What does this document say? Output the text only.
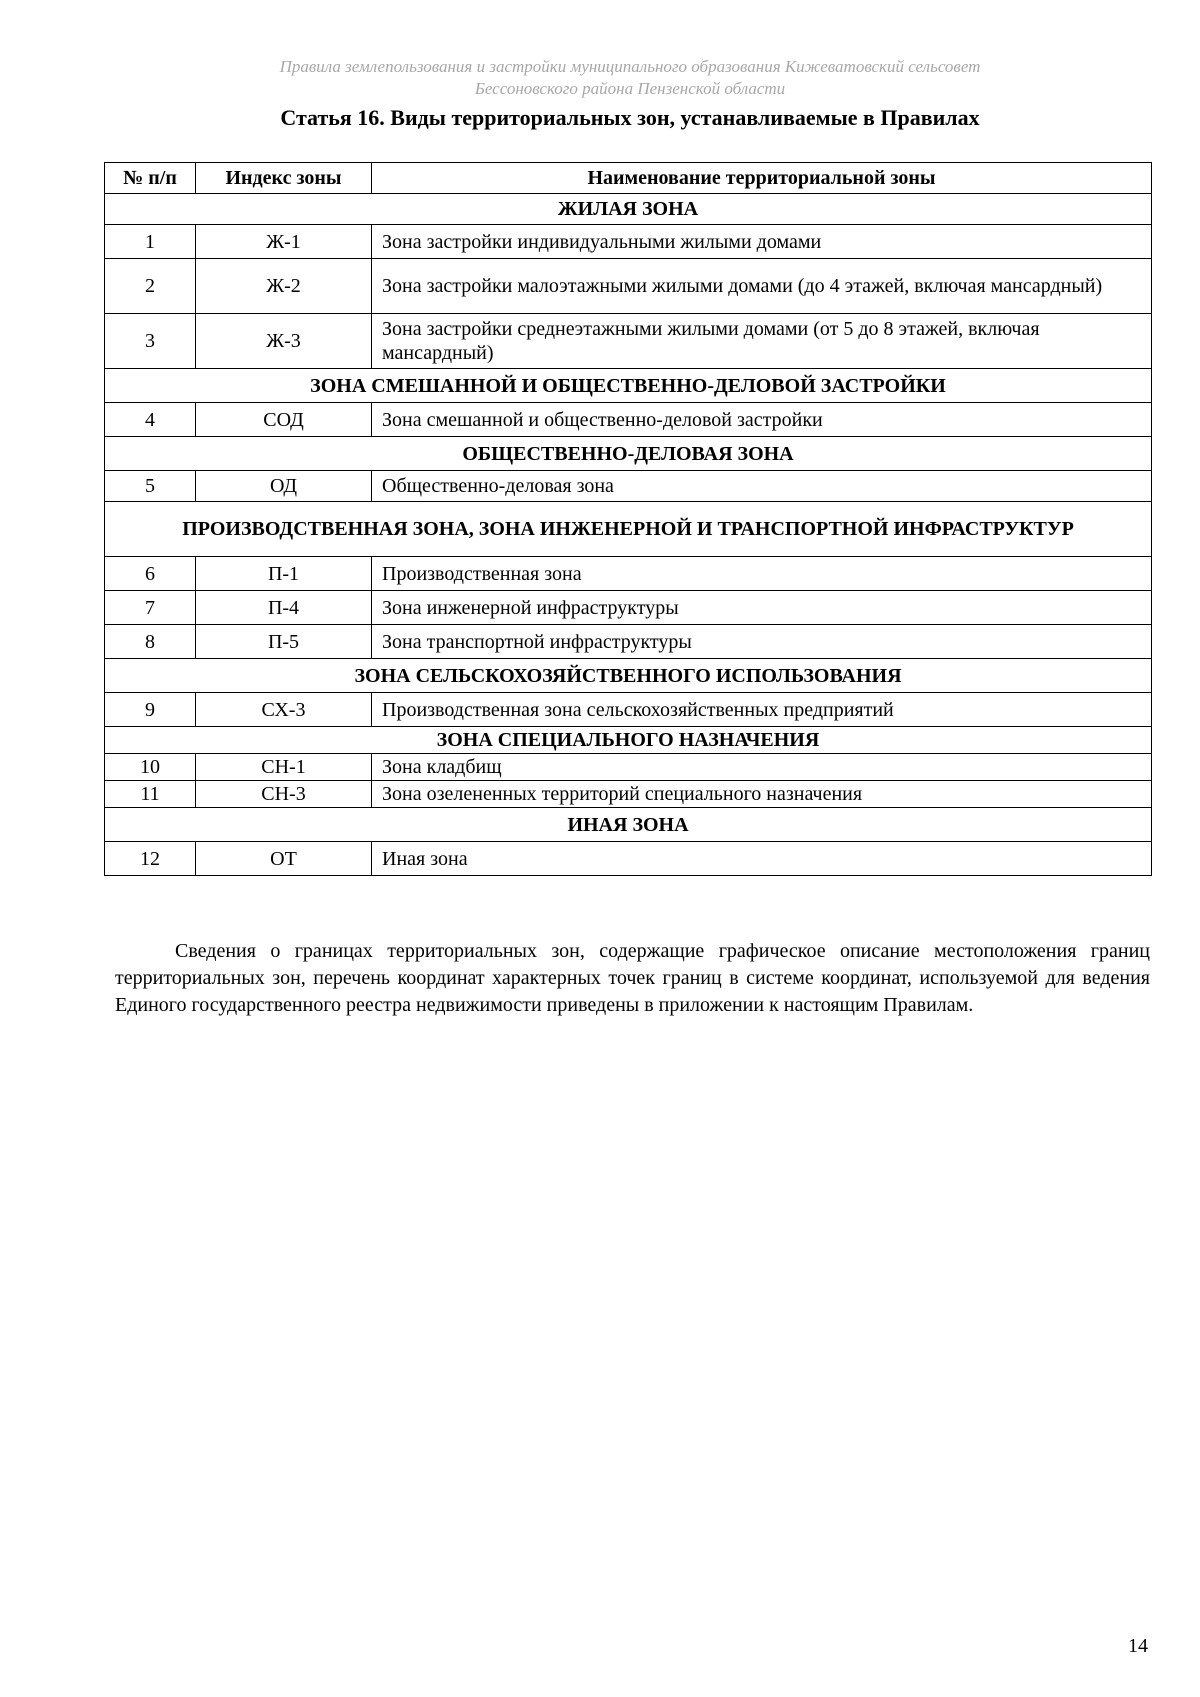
Правила землепользования и застройки муниципального образования Кижеватовский сельсовет
Бессоновского района Пензенской области
Статья 16. Виды территориальных зон, устанавливаемые в Правилах
№ п/п	Индекс зоны	Наименование территориальной зоны
ЖИЛАЯ ЗОНА		
1	Ж-1	Зона застройки индивидуальными жилыми домами
2	Ж-2	Зона застройки малоэтажными жилыми домами (до 4 этажей, включая мансардный)
3	Ж-3	Зона застройки среднеэтажными жилыми домами (от 5 до 8 этажей, включая мансардный)
ЗОНА СМЕШАННОЙ И ОБЩЕСТВЕННО-ДЕЛОВОЙ ЗАСТРОЙКИ		
4	СОД	Зона смешанной и общественно-деловой застройки
ОБЩЕСТВЕННО-ДЕЛОВАЯ ЗОНА		
5	ОД	Общественно-деловая зона
ПРОИЗВОДСТВЕННАЯ ЗОНА, ЗОНА ИНЖЕНЕРНОЙ И ТРАНСПОРТНОЙ ИНФРАСТРУКТУР		
6	П-1	Производственная зона
7	П-4	Зона инженерной инфраструктуры
8	П-5	Зона транспортной инфраструктуры
ЗОНА СЕЛЬСКОХОЗЯЙСТВЕННОГО ИСПОЛЬЗОВАНИЯ		
9	СХ-3	Производственная зона сельскохозяйственных предприятий
ЗОНА СПЕЦИАЛЬНОГО НАЗНАЧЕНИЯ		
10	СН-1	Зона кладбищ
11	СН-3	Зона озелененных территорий специального назначения
ИНАЯ ЗОНА		
12	ОТ	Иная зона
Сведения о границах территориальных зон, содержащие графическое описание местоположения границ территориальных зон, перечень координат характерных точек границ в системе координат, используемой для ведения Единого государственного реестра недвижимости приведены в приложении к настоящим Правилам.
14
